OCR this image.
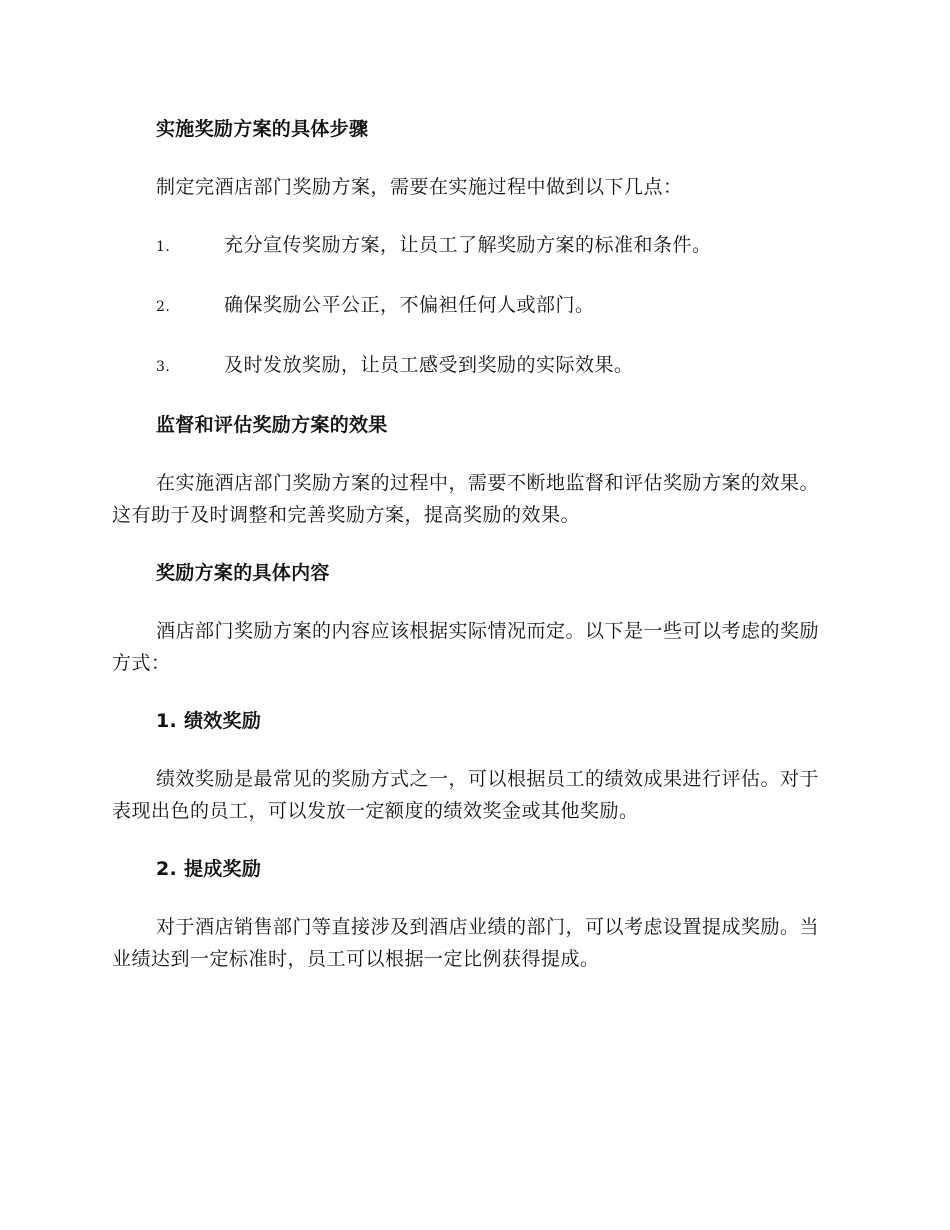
实施奖励方案的具体步骤

制定完酒店部门奖励方案，需要在实施过程中做到以下几点：

1.	充分宣传奖励方案，让员工了解奖励方案的标准和条件。
2.	确保奖励公平公正，不偏袒任何人或部门。
3.	及时发放奖励，让员工感受到奖励的实际效果。
监督和评估奖励方案的效果

在实施酒店部门奖励方案的过程中，需要不断地监督和评估奖励方案的效果。这有助于及时调整和完善奖励方案，提高奖励的效果。

奖励方案的具体内容

酒店部门奖励方案的内容应该根据实际情况而定。以下是一些可以考虑的奖励方式：

1. 绩效奖励

绩效奖励是最常见的奖励方式之一，可以根据员工的绩效成果进行评估。对于表现出色的员工，可以发放一定额度的绩效奖金或其他奖励。

2. 提成奖励

对于酒店销售部门等直接涉及到酒店业绩的部门，可以考虑设置提成奖励。当业绩达到一定标准时，员工可以根据一定比例获得提成。
